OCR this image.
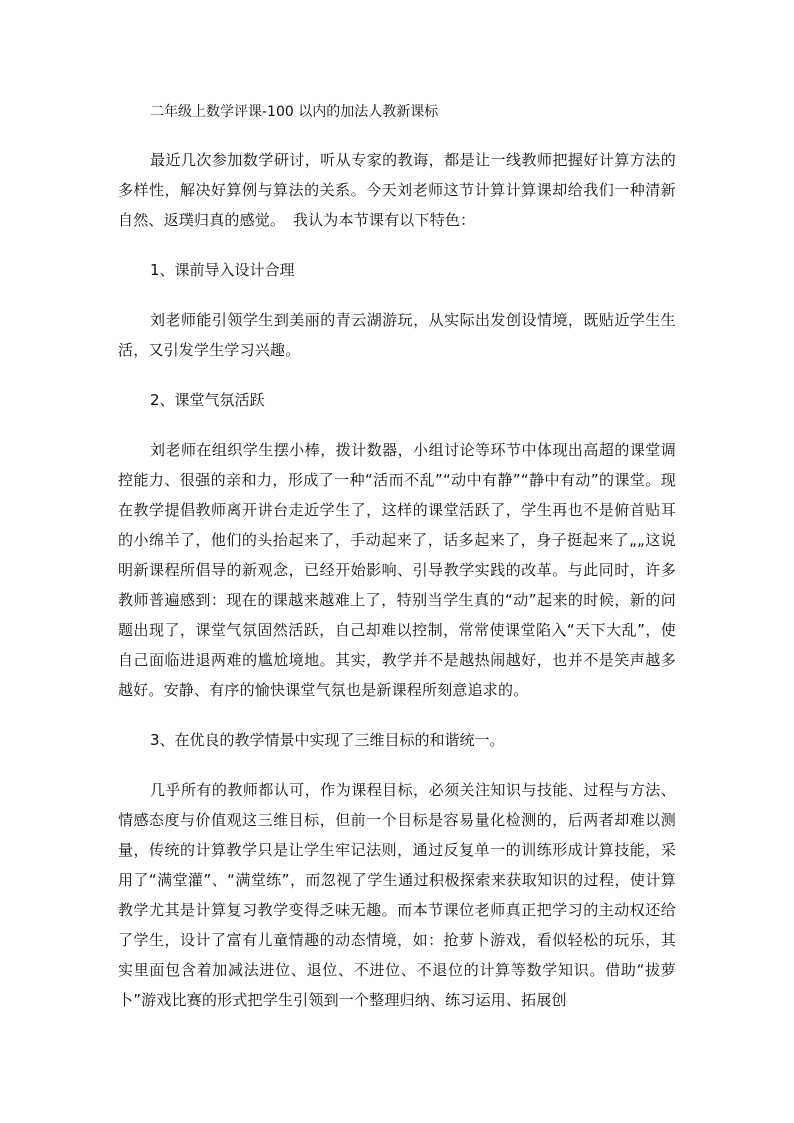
二年级上数学评课-100 以内的加法人教新课标

最近几次参加数学研讨，听从专家的教诲，都是让一线教师把握好计算方法的多样性，解决好算例与算法的关系。今天刘老师这节计算计算课却给我们一种清新自然、返璞归真的感觉。　我认为本节课有以下特色：

1、课前导入设计合理

刘老师能引领学生到美丽的青云湖游玩，从实际出发创设情境，既贴近学生生活，又引发学生学习兴趣。

2、课堂气氛活跃

刘老师在组织学生摆小棒，拨计数器，小组讨论等环节中体现出高超的课堂调控能力、很强的亲和力，形成了一种“活而不乱”“动中有静”“静中有动”的课堂。现在教学提倡教师离开讲台走近学生了，这样的课堂活跃了，学生再也不是俯首贴耳的小绵羊了，他们的头抬起来了，手动起来了，话多起来了，身子挺起来了„„这说明新课程所倡导的新观念，已经开始影响、引导教学实践的改革。与此同时，许多教师普遍感到：现在的课越来越难上了，特别当学生真的“动”起来的时候，新的问题出现了，课堂气氛固然活跃，自己却难以控制，常常使课堂陷入“天下大乱”，使自己面临进退两难的尴尬境地。其实，教学并不是越热闹越好，也并不是笑声越多越好。安静、有序的愉快课堂气氛也是新课程所刻意追求的。

3、在优良的教学情景中实现了三维目标的和谐统一。

几乎所有的教师都认可，作为课程目标，必须关注知识与技能、过程与方法、情感态度与价值观这三维目标，但前一个目标是容易量化检测的，后两者却难以测量，传统的计算教学只是让学生牢记法则，通过反复单一的训练形成计算技能，采用了“满堂灌”、“满堂练”，而忽视了学生通过积极探索来获取知识的过程，使计算教学尤其是计算复习教学变得乏味无趣。而本节课位老师真正把学习的主动权还给了学生，设计了富有儿童情趣的动态情境，如：抢萝卜游戏，看似轻松的玩乐，其实里面包含着加减法进位、退位、不进位、不退位的计算等数学知识。借助“拔萝卜”游戏比赛的形式把学生引领到一个整理归纳、练习运用、拓展创
